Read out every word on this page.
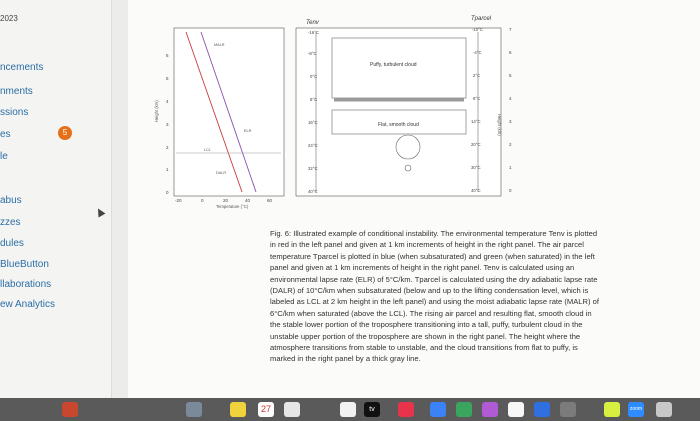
2023
ncements
nments
ssions
es
le
abus
zzes
dules
BlueButton
llaborations
ew Analytics
5
0
1
2
3
4
5
6
Height (km)
-20	0	20	40	60
Temperature (°C)
MALR
ELR
LCL
DALR
Tenv
Tparcel
-16°C
-8°C
0°C
8°C
16°C
24°C
32°C
40°C
-10°C
-4°C
2°C
8°C
14°C
20°C
30°C
40°C	0
1
2
3
4
5
6
7
Height (km)
Puffy, turbulent cloud
Flat, smooth cloud
Fig. 6: Illustrated example of conditional instability. The environmental temperature Tenv is plotted
in red in the left panel and given at 1 km increments of height in the right panel. The air parcel
temperature Tparcel is plotted in blue (when subsaturated) and green (when saturated) in the left
panel and given at 1 km increments of height in the right panel. Tenv is calculated using an
environmental lapse rate (ELR) of 5°C/km. Tparcel is calculated using the dry adiabatic lapse rate
(DALR) of 10°C/km when subsaturated (below and up to the lifting condensation level, which is
labeled as LCL at 2 km height in the left panel) and using the moist adiabatic lapse rate (MALR) of
6°C/km when saturated (above the LCL). The rising air parcel and resulting flat, smooth cloud in
the stable lower portion of the troposphere transitioning into a tall, puffy, turbulent cloud in the
unstable upper portion of the troposphere are shown in the right panel. The height where the
atmosphere transitions from stable to unstable, and the cloud transitions from flat to puffy, is
marked in the right panel by a thick gray line.
27	tv	zoom
